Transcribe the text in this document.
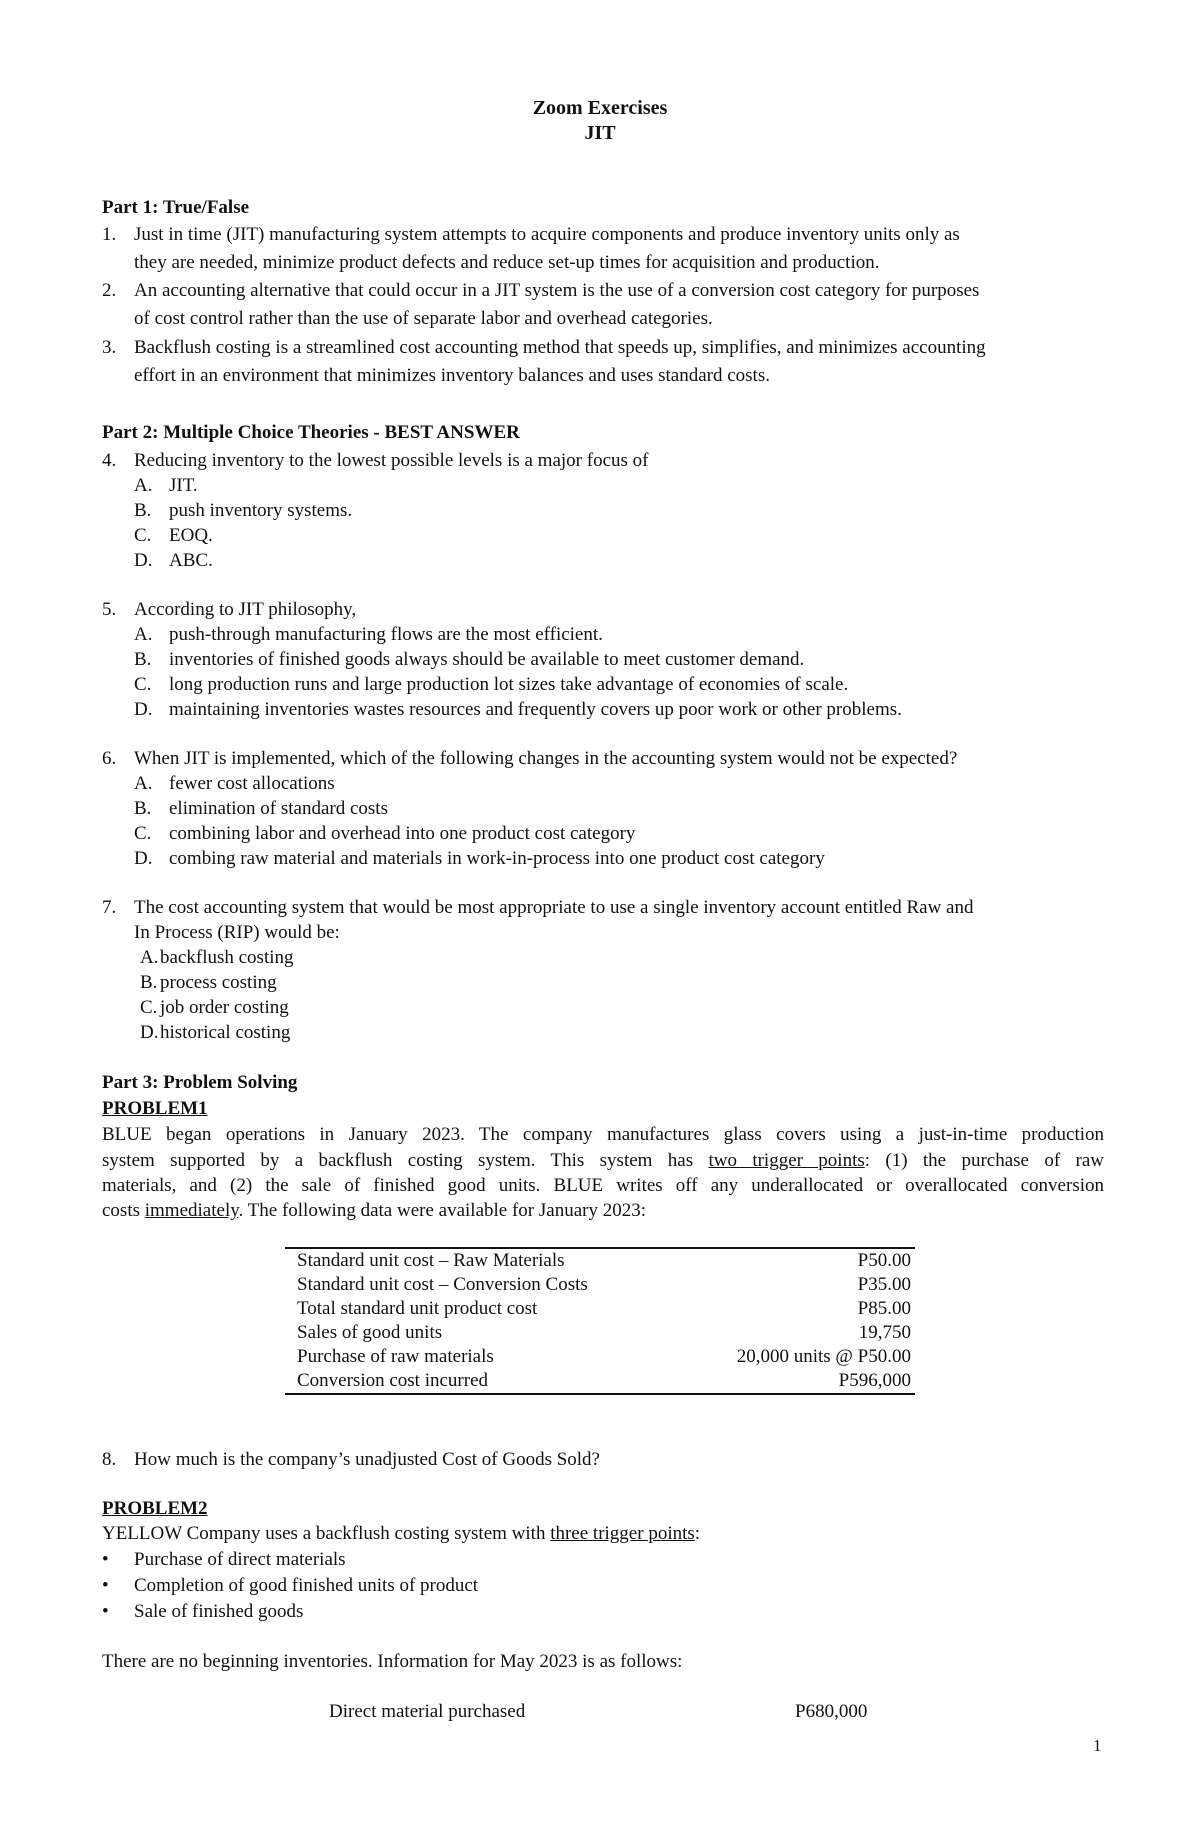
Zoom Exercises
JIT
Part 1: True/False
1. Just in time (JIT) manufacturing system attempts to acquire components and produce inventory units only as
they are needed, minimize product defects and reduce set-up times for acquisition and production.
2. An accounting alternative that could occur in a JIT system is the use of a conversion cost category for purposes
of cost control rather than the use of separate labor and overhead categories.
3. Backflush costing is a streamlined cost accounting method that speeds up, simplifies, and minimizes accounting
effort in an environment that minimizes inventory balances and uses standard costs.
Part 2: Multiple Choice Theories - BEST ANSWER
4. Reducing inventory to the lowest possible levels is a major focus of
A. JIT.
B. push inventory systems.
C. EOQ.
D. ABC.
5. According to JIT philosophy,
A. push-through manufacturing flows are the most efficient.
B. inventories of finished goods always should be available to meet customer demand.
C. long production runs and large production lot sizes take advantage of economies of scale.
D. maintaining inventories wastes resources and frequently covers up poor work or other problems.
6. When JIT is implemented, which of the following changes in the accounting system would not be expected?
A. fewer cost allocations
B. elimination of standard costs
C. combining labor and overhead into one product cost category
D. combing raw material and materials in work-in-process into one product cost category
7. The cost accounting system that would be most appropriate to use a single inventory account entitled Raw and
In Process (RIP) would be:
A. backflush costing
B. process costing
C. job order costing
D. historical costing
Part 3: Problem Solving
PROBLEM1
BLUE began operations in January 2023. The company manufactures glass covers using a just-in-time production
system supported by a backflush costing system. This system has two trigger points: (1) the purchase of raw
materials, and (2) the sale of finished good units. BLUE writes off any underallocated or overallocated conversion
costs immediately. The following data were available for January 2023:
Standard unit cost – Raw Materials	P50.00
Standard unit cost – Conversion Costs	P35.00
Total standard unit product cost	P85.00
Sales of good units	19,750
Purchase of raw materials	20,000 units @ P50.00
Conversion cost incurred	P596,000
8. How much is the company’s unadjusted Cost of Goods Sold?
PROBLEM2
YELLOW Company uses a backflush costing system with three trigger points:
• Purchase of direct materials
• Completion of good finished units of product
• Sale of finished goods
There are no beginning inventories. Information for May 2023 is as follows:
Direct material purchased	P680,000
1
